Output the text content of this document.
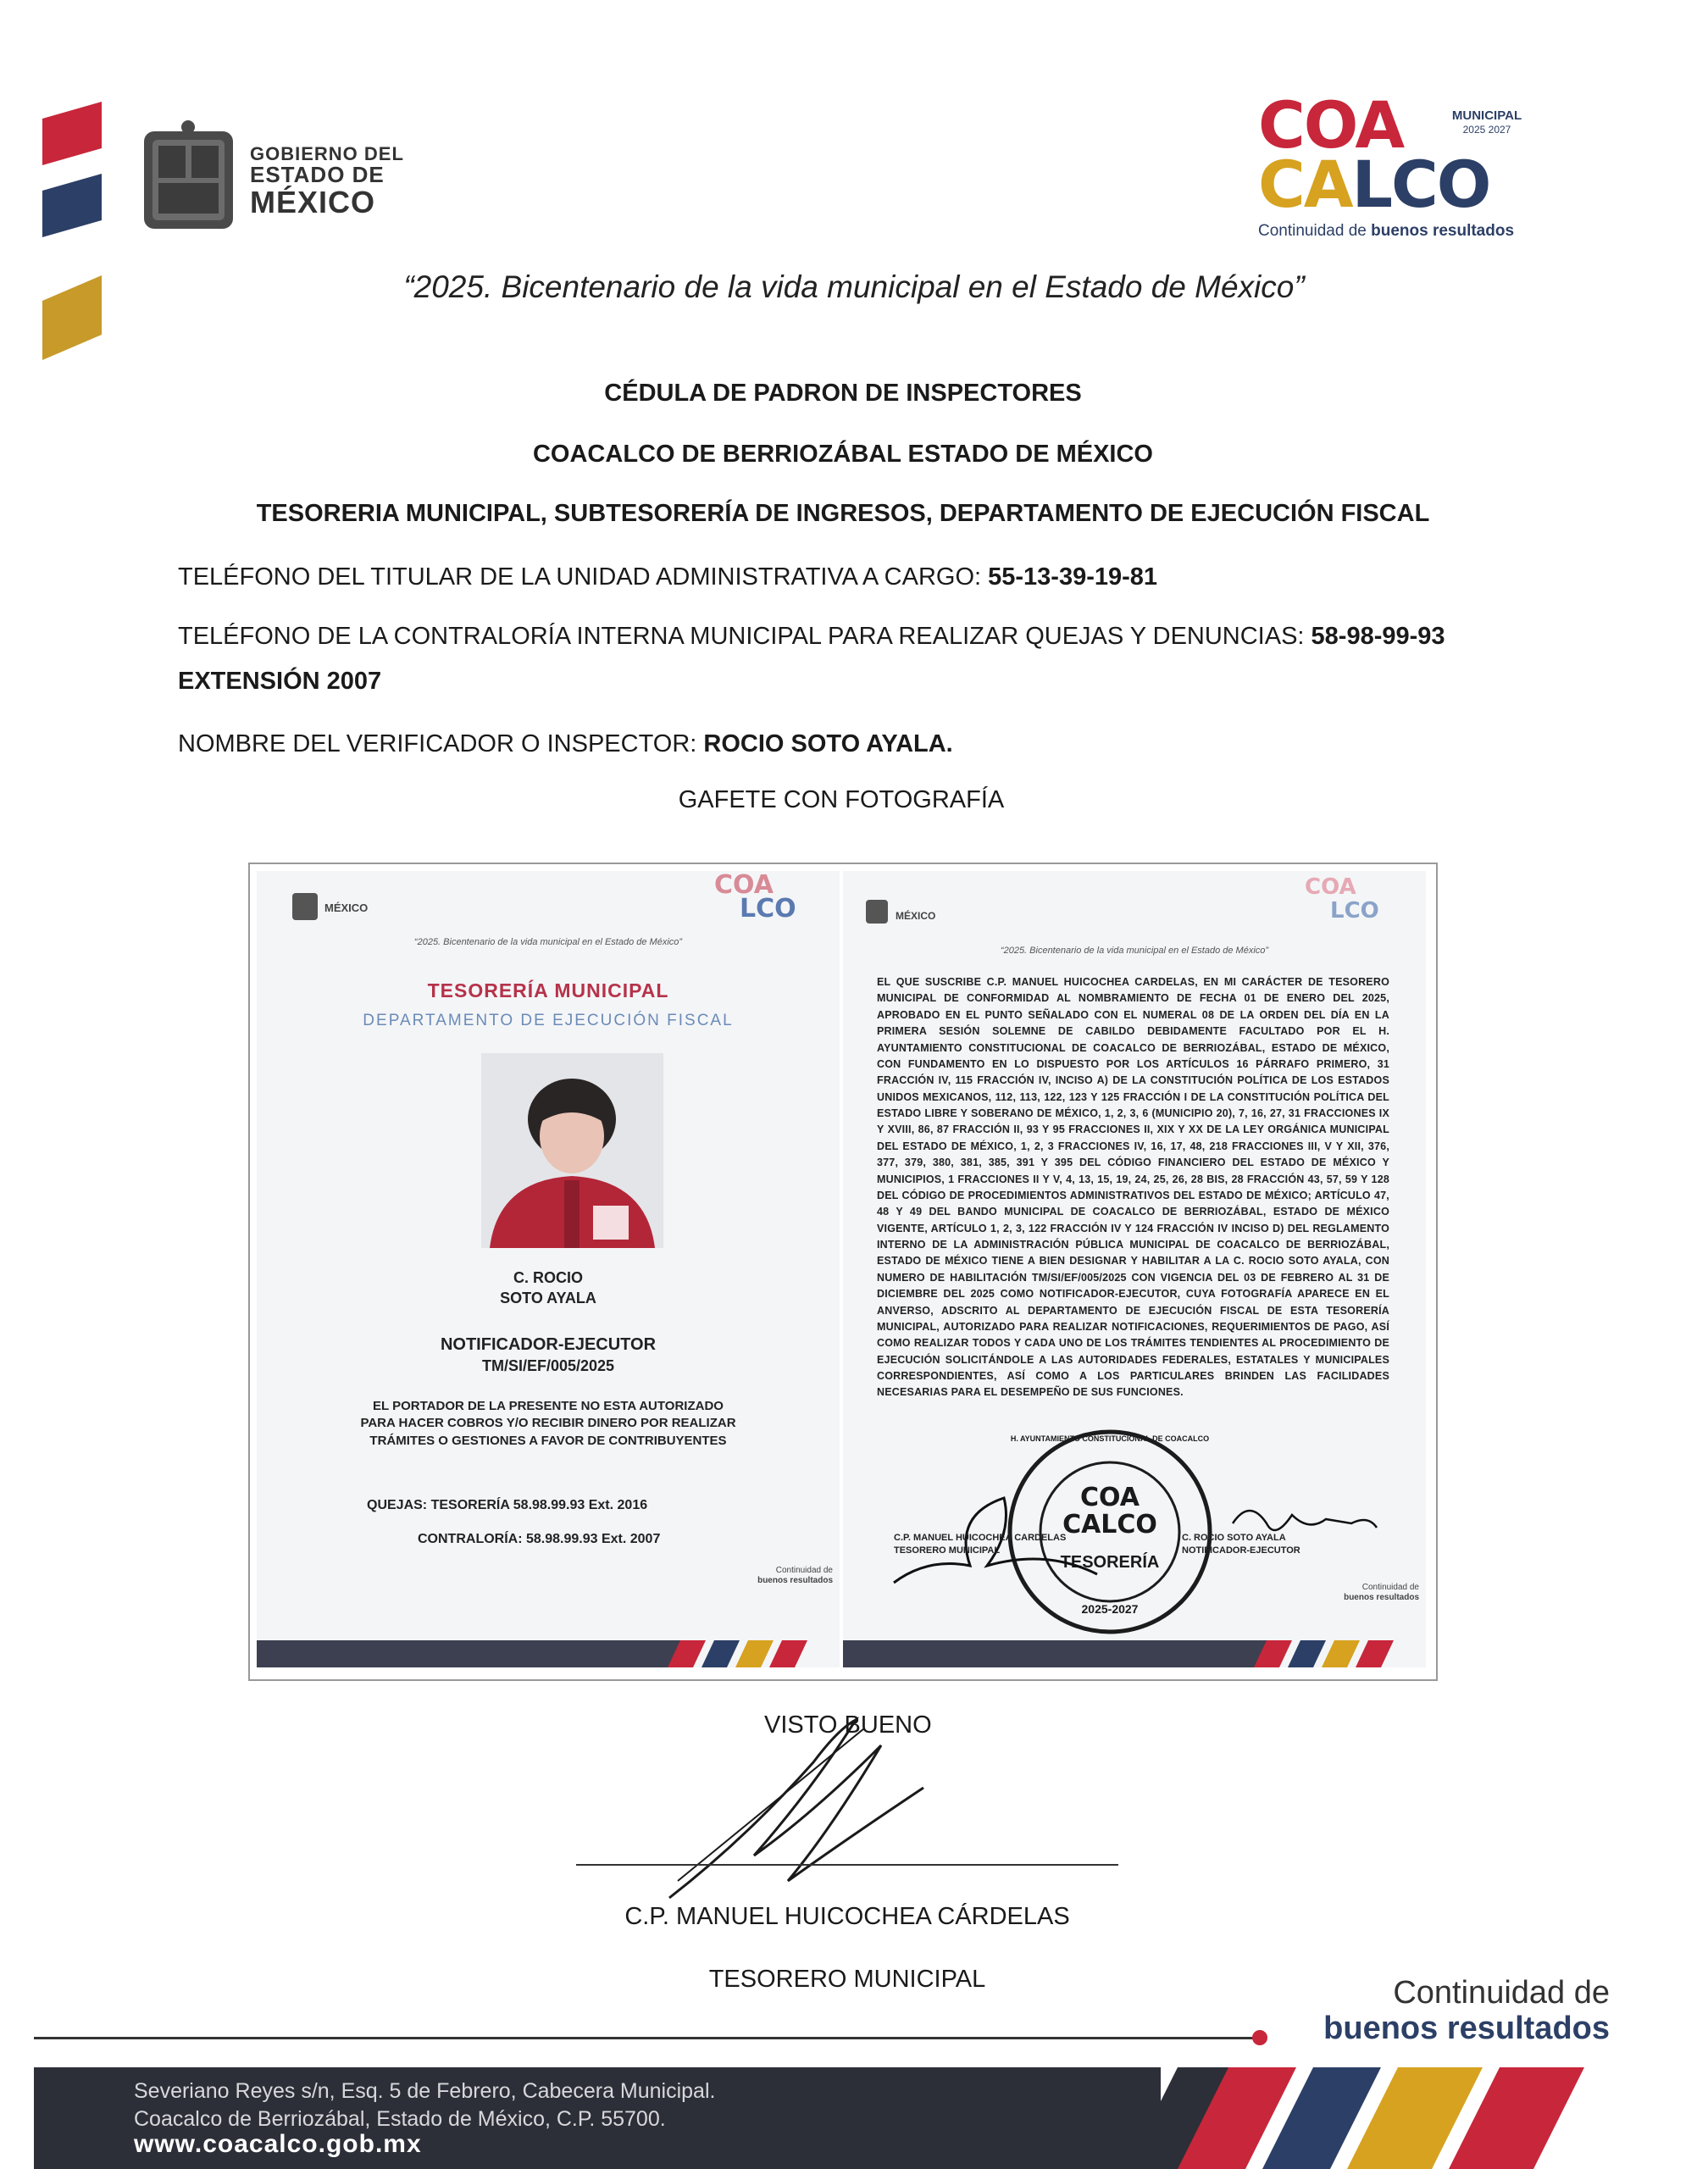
GOBIERNO DEL
ESTADO DE
MÉXICO
COA	MUNICIPAL
2025 2027
CALCO
Continuidad de buenos resultados
“2025. Bicentenario de la vida municipal en el Estado de México”
CÉDULA DE PADRON DE INSPECTORES
COACALCO DE BERRIOZÁBAL ESTADO DE MÉXICO
TESORERIA MUNICIPAL, SUBTESORERÍA DE INGRESOS, DEPARTAMENTO DE EJECUCIÓN FISCAL
TELÉFONO DEL TITULAR DE LA UNIDAD ADMINISTRATIVA A CARGO: 55-13-39-19-81
TELÉFONO DE LA CONTRALORÍA INTERNA MUNICIPAL PARA REALIZAR QUEJAS Y DENUNCIAS: 58-98-99-93
EXTENSIÓN 2007
NOMBRE DEL VERIFICADOR O INSPECTOR: ROCIO SOTO AYALA.
GAFETE CON FOTOGRAFÍA
MÉXICO
COA
LCO
“2025. Bicentenario de la vida municipal en el Estado de México”
TESORERÍA MUNICIPAL
DEPARTAMENTO DE EJECUCIÓN FISCAL
C. ROCIO
SOTO AYALA
NOTIFICADOR-EJECUTOR
TM/SI/EF/005/2025
EL PORTADOR DE LA PRESENTE NO ESTA AUTORIZADO PARA HACER COBROS Y/O RECIBIR DINERO POR REALIZAR TRÁMITES O GESTIONES A FAVOR DE CONTRIBUYENTES
QUEJAS: TESORERÍA 58.98.99.93 Ext. 2016
CONTRALORÍA: 58.98.99.93 Ext. 2007
Continuidad de
buenos resultados
MÉXICO
COA
LCO
“2025. Bicentenario de la vida municipal en el Estado de México”
EL QUE SUSCRIBE C.P. MANUEL HUICOCHEA CARDELAS, EN MI CARÁCTER DE TESORERO MUNICIPAL DE CONFORMIDAD AL NOMBRAMIENTO DE FECHA 01 DE ENERO DEL 2025, APROBADO EN EL PUNTO SEÑALADO CON EL NUMERAL 08 DE LA ORDEN DEL DÍA EN LA PRIMERA SESIÓN SOLEMNE DE CABILDO DEBIDAMENTE FACULTADO POR EL H. AYUNTAMIENTO CONSTITUCIONAL DE COACALCO DE BERRIOZÁBAL, ESTADO DE MÉXICO, CON FUNDAMENTO EN LO DISPUESTO POR LOS ARTÍCULOS 16 PÁRRAFO PRIMERO, 31 FRACCIÓN IV, 115 FRACCIÓN IV, INCISO A) DE LA CONSTITUCIÓN POLÍTICA DE LOS ESTADOS UNIDOS MEXICANOS, 112, 113, 122, 123 Y 125 FRACCIÓN I DE LA CONSTITUCIÓN POLÍTICA DEL ESTADO LIBRE Y SOBERANO DE MÉXICO, 1, 2, 3, 6 (MUNICIPIO 20), 7, 16, 27, 31 FRACCIONES IX Y XVIII, 86, 87 FRACCIÓN II, 93 Y 95 FRACCIONES II, XIX Y XX DE LA LEY ORGÁNICA MUNICIPAL DEL ESTADO DE MÉXICO, 1, 2, 3 FRACCIONES IV, 16, 17, 48, 218 FRACCIONES III, V Y XII, 376, 377, 379, 380, 381, 385, 391 Y 395 DEL CÓDIGO FINANCIERO DEL ESTADO DE MÉXICO Y MUNICIPIOS, 1 FRACCIONES II Y V, 4, 13, 15, 19, 24, 25, 26, 28 BIS, 28 FRACCIÓN 43, 57, 59 Y 128 DEL CÓDIGO DE PROCEDIMIENTOS ADMINISTRATIVOS DEL ESTADO DE MÉXICO; ARTÍCULO 47, 48 Y 49 DEL BANDO MUNICIPAL DE COACALCO DE BERRIOZÁBAL, ESTADO DE MÉXICO VIGENTE, ARTÍCULO 1, 2, 3, 122 FRACCIÓN IV Y 124 FRACCIÓN IV INCISO D) DEL REGLAMENTO INTERNO DE LA ADMINISTRACIÓN PÚBLICA MUNICIPAL DE COACALCO DE BERRIOZÁBAL, ESTADO DE MÉXICO TIENE A BIEN DESIGNAR Y HABILITAR A LA C. ROCIO SOTO AYALA, CON NUMERO DE HABILITACIÓN TM/SI/EF/005/2025 CON VIGENCIA DEL 03 DE FEBRERO AL 31 DE DICIEMBRE DEL 2025 COMO NOTIFICADOR-EJECUTOR, CUYA FOTOGRAFÍA APARECE EN EL ANVERSO, ADSCRITO AL DEPARTAMENTO DE EJECUCIÓN FISCAL DE ESTA TESORERÍA MUNICIPAL, AUTORIZADO PARA REALIZAR NOTIFICACIONES, REQUERIMIENTOS DE PAGO, ASÍ COMO REALIZAR TODOS Y CADA UNO DE LOS TRÁMITES TENDIENTES AL PROCEDIMIENTO DE EJECUCIÓN SOLICITÁNDOLE A LAS AUTORIDADES FEDERALES, ESTATALES Y MUNICIPALES CORRESPONDIENTES, ASÍ COMO A LOS PARTICULARES BRINDEN LAS FACILIDADES NECESARIAS PARA EL DESEMPEÑO DE SUS FUNCIONES.
H. AYUNTAMIENTO CONSTITUCIONAL DE COACALCO
COA
CALCO
TESORERÍA
2025-2027
C.P. MANUEL HUICOCHEA CARDELAS
TESORERO MUNICIPAL
C. ROCIO SOTO AYALA
NOTIFICADOR-EJECUTOR
Continuidad de
buenos resultados
VISTO BUENO
C.P. MANUEL HUICOCHEA CÁRDELAS
TESORERO MUNICIPAL	Continuidad de
buenos resultados
Severiano Reyes s/n, Esq. 5 de Febrero, Cabecera Municipal.
Coacalco de Berriozábal, Estado de México, C.P. 55700.
www.coacalco.gob.mx
